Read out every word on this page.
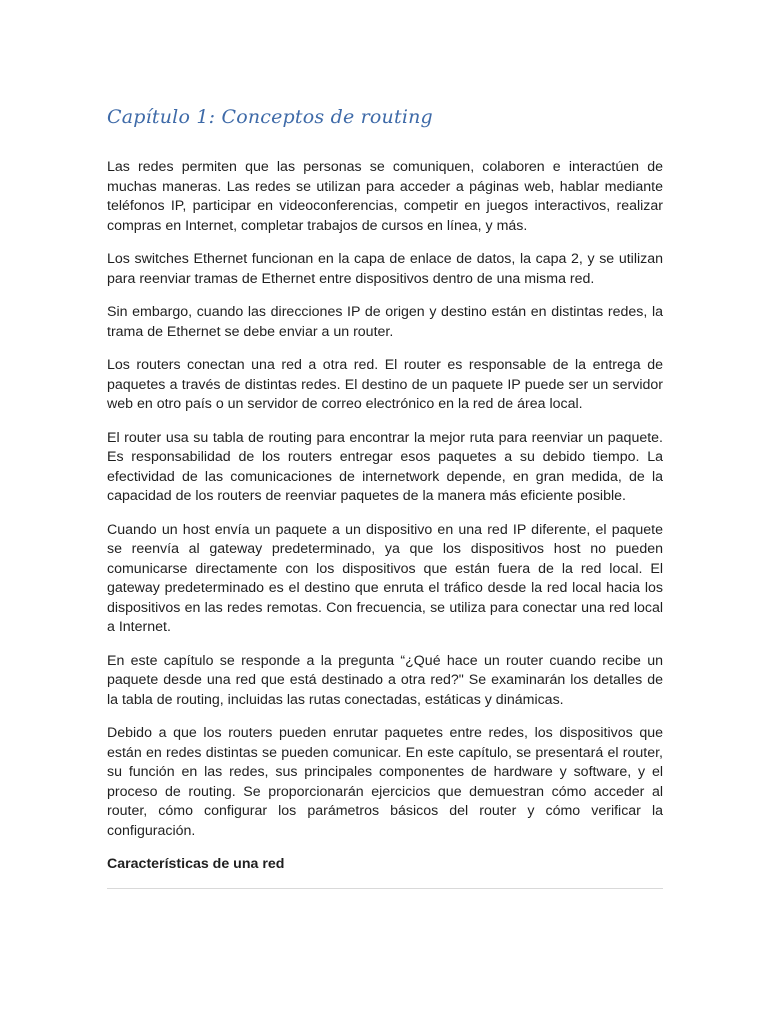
Capítulo 1: Conceptos de routing

Las redes permiten que las personas se comuniquen, colaboren e interactúen de muchas maneras. Las redes se utilizan para acceder a páginas web, hablar mediante teléfonos IP, participar en videoconferencias, competir en juegos interactivos, realizar compras en Internet, completar trabajos de cursos en línea, y más.

Los switches Ethernet funcionan en la capa de enlace de datos, la capa 2, y se utilizan para reenviar tramas de Ethernet entre dispositivos dentro de una misma red.

Sin embargo, cuando las direcciones IP de origen y destino están en distintas redes, la trama de Ethernet se debe enviar a un router.

Los routers conectan una red a otra red. El router es responsable de la entrega de paquetes a través de distintas redes. El destino de un paquete IP puede ser un servidor web en otro país o un servidor de correo electrónico en la red de área local.

El router usa su tabla de routing para encontrar la mejor ruta para reenviar un paquete. Es responsabilidad de los routers entregar esos paquetes a su debido tiempo. La efectividad de las comunicaciones de internetwork depende, en gran medida, de la capacidad de los routers de reenviar paquetes de la manera más eficiente posible.

Cuando un host envía un paquete a un dispositivo en una red IP diferente, el paquete se reenvía al gateway predeterminado, ya que los dispositivos host no pueden comunicarse directamente con los dispositivos que están fuera de la red local. El gateway predeterminado es el destino que enruta el tráfico desde la red local hacia los dispositivos en las redes remotas. Con frecuencia, se utiliza para conectar una red local a Internet.

En este capítulo se responde a la pregunta “¿Qué hace un router cuando recibe un paquete desde una red que está destinado a otra red?" Se examinarán los detalles de la tabla de routing, incluidas las rutas conectadas, estáticas y dinámicas.

Debido a que los routers pueden enrutar paquetes entre redes, los dispositivos que están en redes distintas se pueden comunicar. En este capítulo, se presentará el router, su función en las redes, sus principales componentes de hardware y software, y el proceso de routing. Se proporcionarán ejercicios que demuestran cómo acceder al router, cómo configurar los parámetros básicos del router y cómo verificar la configuración.

Características de una red
